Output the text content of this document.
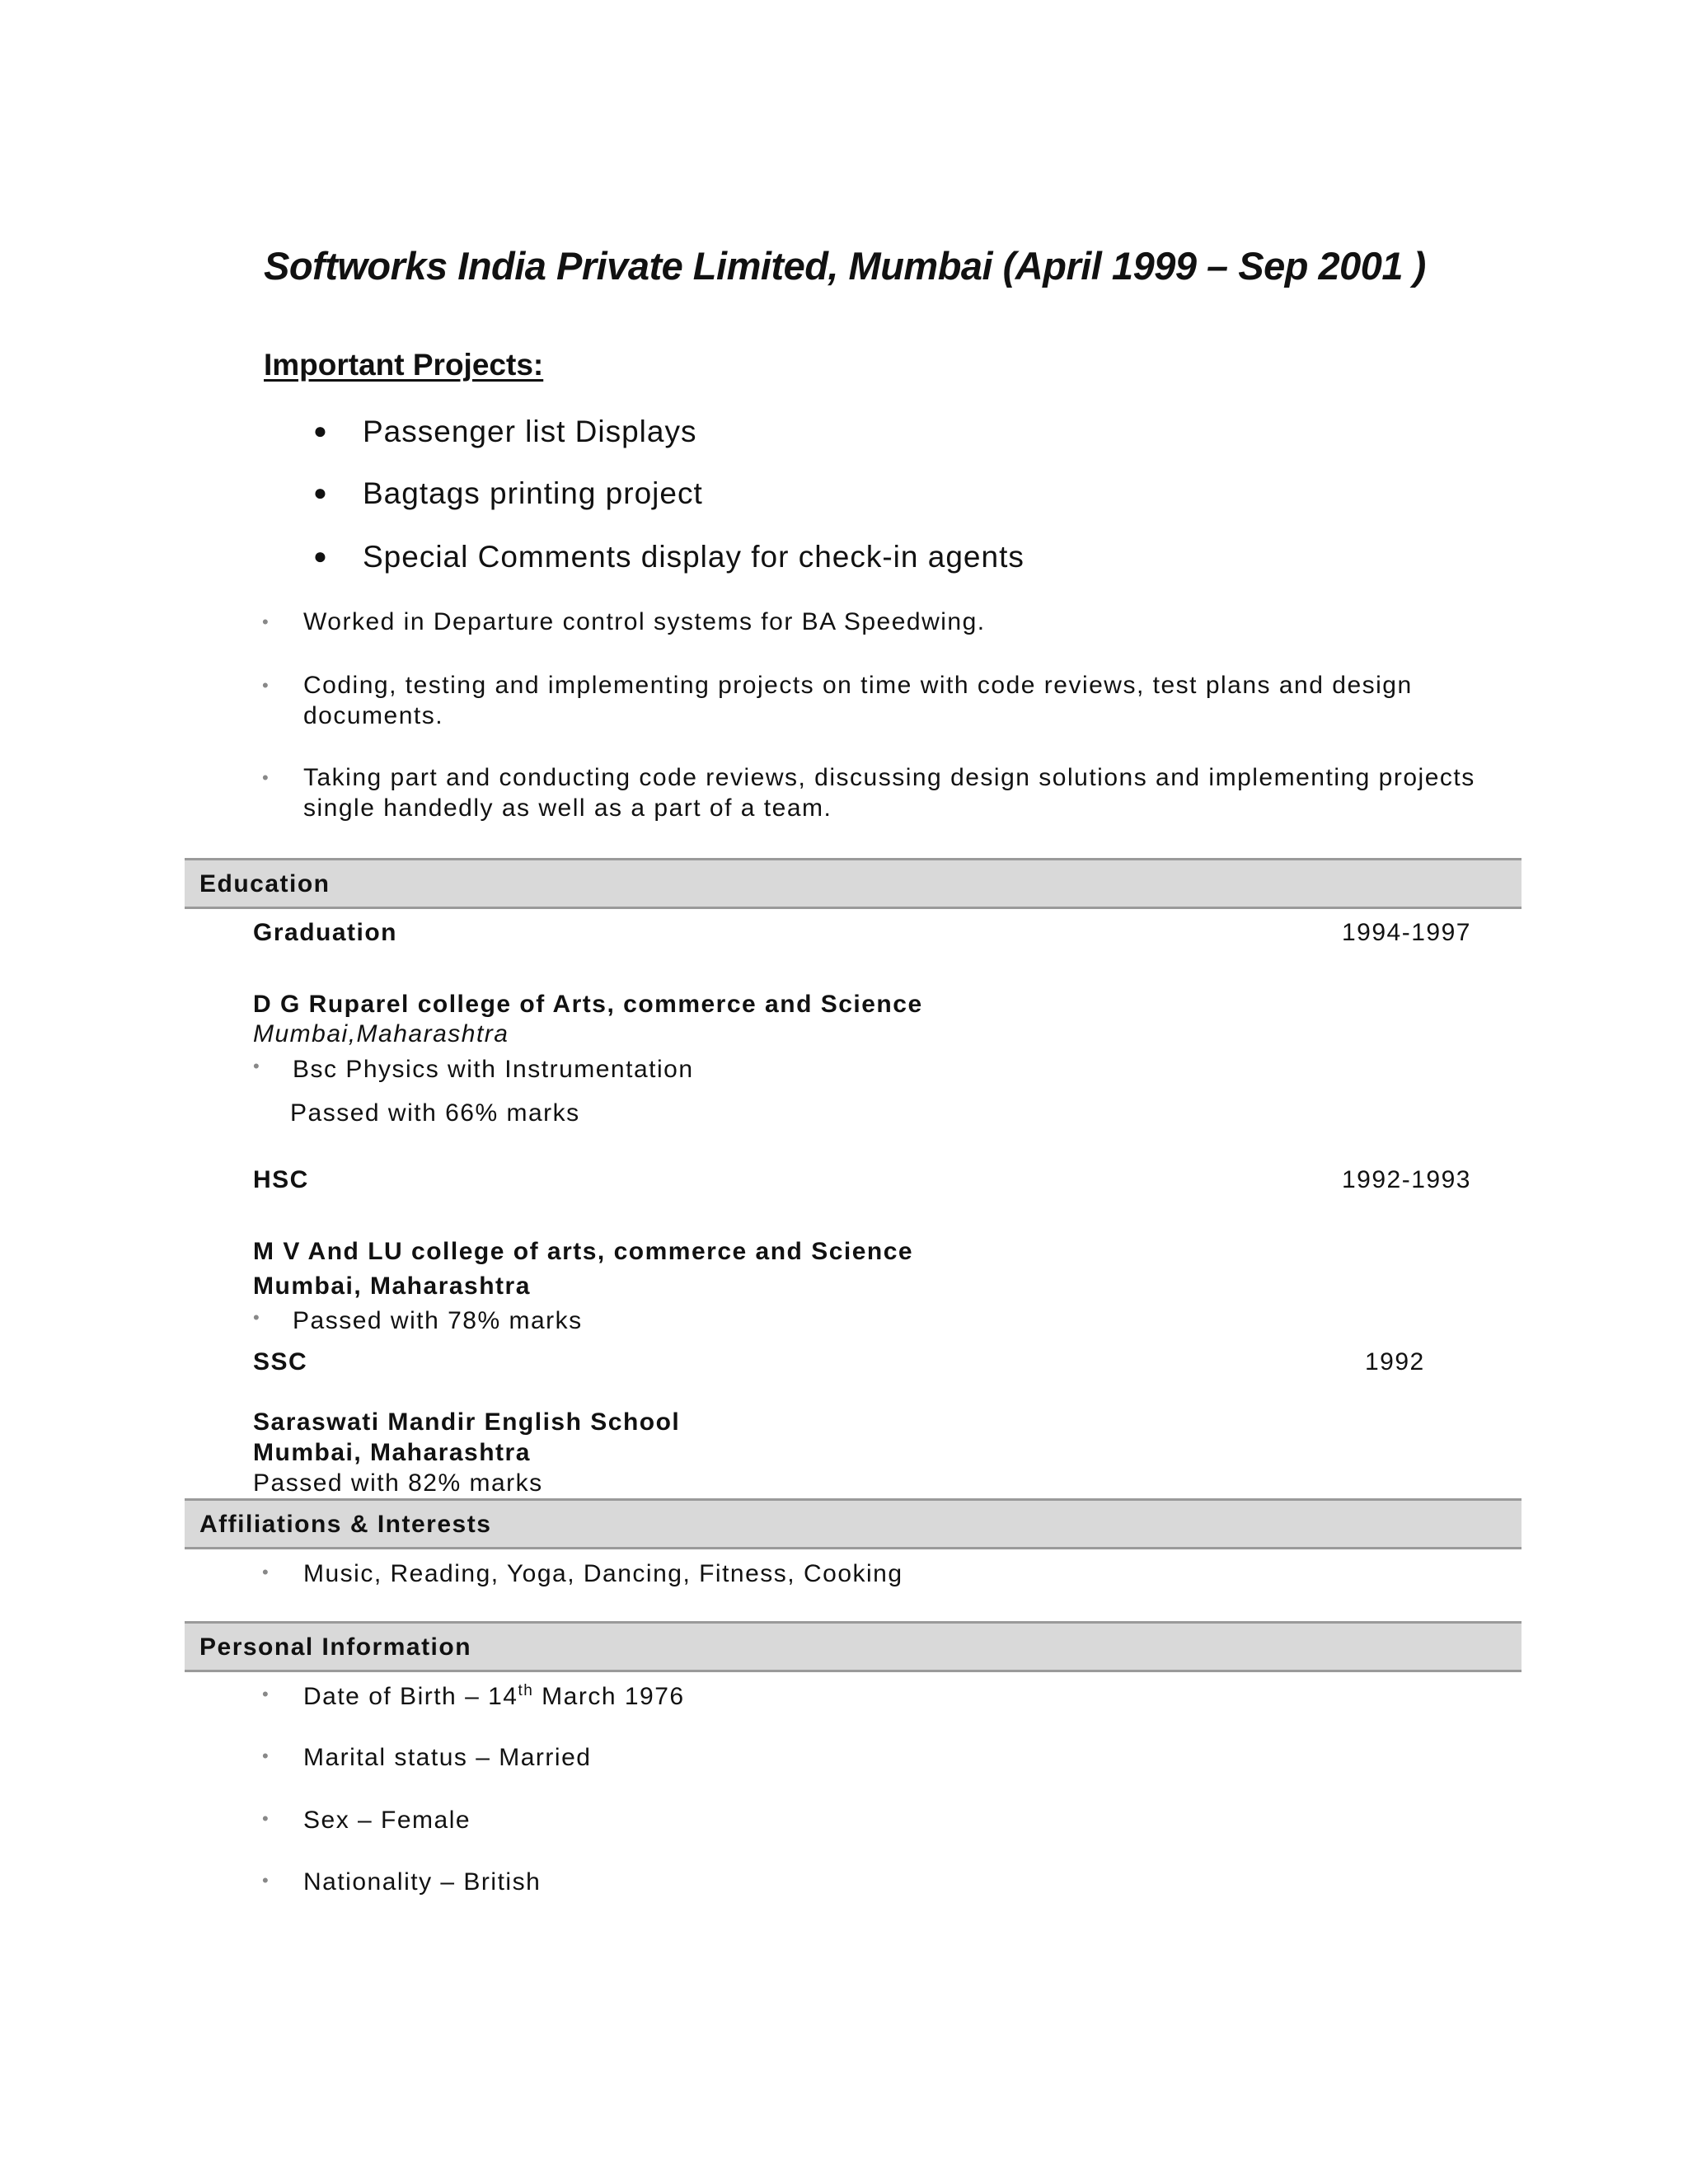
Softworks India Private Limited, Mumbai (April 1999 – Sep 2001 )
Important Projects:
● Passenger list Displays
● Bagtags printing project
● Special Comments display for check-in agents
• Worked in Departure control systems for BA Speedwing.
• Coding, testing and implementing projects on time with code reviews, test plans and design documents.
• Taking part and conducting code reviews, discussing design solutions and implementing projects single handedly as well as a part of a team.
Education
Graduation	1994-1997
D G Ruparel college of Arts, commerce and Science
Mumbai,Maharashtra
• Bsc Physics with Instrumentation
Passed with 66% marks
HSC	1992-1993
M V And LU college of arts, commerce and Science
Mumbai, Maharashtra
• Passed with 78% marks
SSC	1992
Saraswati Mandir English School
Mumbai, Maharashtra
Passed with 82% marks
Affiliations & Interests
• Music, Reading, Yoga, Dancing, Fitness, Cooking
Personal Information
• Date of Birth – 14th March 1976
• Marital status – Married
• Sex – Female
• Nationality – British
